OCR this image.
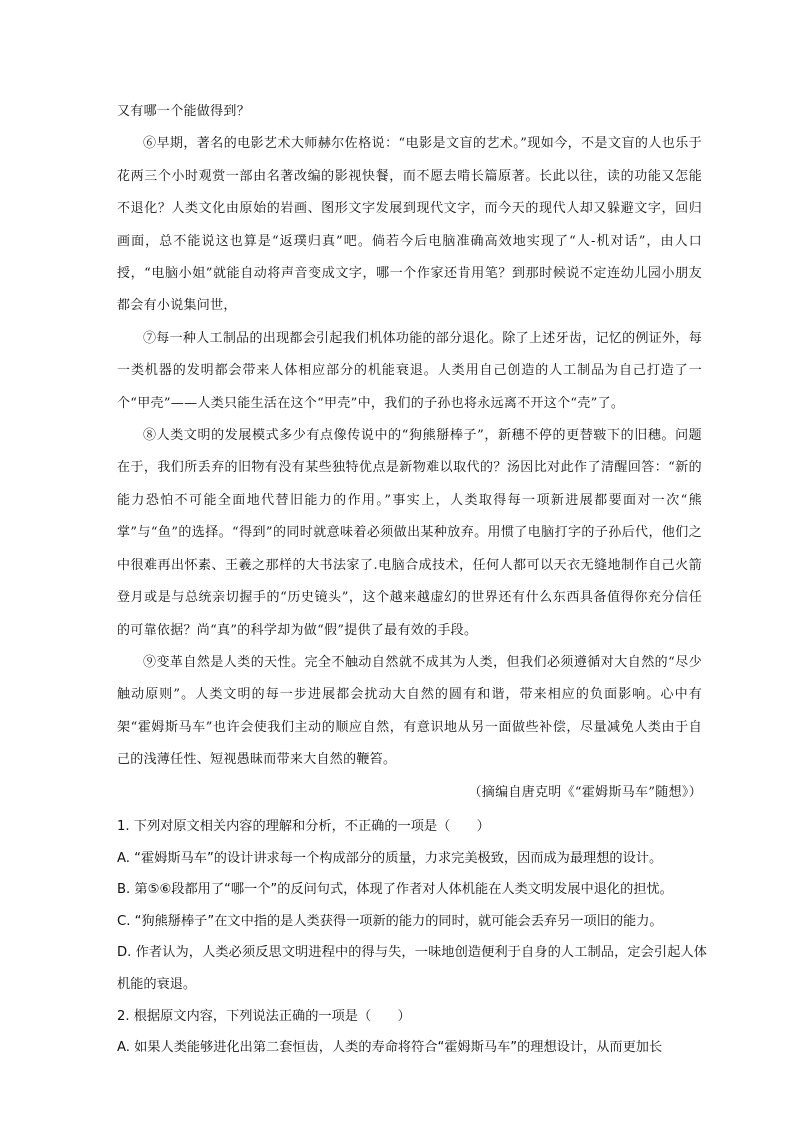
又有哪一个能做得到？

⑥早期，著名的电影艺术大师赫尔佐格说：“电影是文盲的艺术。”现如今，不是文盲的人也乐于花两三个小时观赏一部由名著改编的影视快餐，而不愿去啃长篇原著。长此以往，读的功能又怎能不退化？人类文化由原始的岩画、图形文字发展到现代文字，而今天的现代人却又躲避文字，回归画面，总不能说这也算是“返璞归真”吧。倘若今后电脑准确高效地实现了“人-机对话”，由人口授，“电脑小姐”就能自动将声音变成文字，哪一个作家还肯用笔？到那时候说不定连幼儿园小朋友都会有小说集问世，

⑦每一种人工制品的出现都会引起我们机体功能的部分退化。除了上述牙齿，记忆的例证外，每一类机器的发明都会带来人体相应部分的机能衰退。人类用自己创造的人工制品为自己打造了一个“甲壳”——人类只能生活在这个“甲壳”中，我们的子孙也将永远离不开这个“壳”了。

⑧人类文明的发展模式多少有点像传说中的“狗熊掰棒子”，新穗不停的更替皲下的旧穗。问题在于，我们所丢弃的旧物有没有某些独特优点是新物难以取代的？汤因比对此作了清醒回答：“新的能力恐怕不可能全面地代替旧能力的作用。”事实上，人类取得每一项新进展都要面对一次“熊掌”与“鱼”的选择。“得到”的同时就意味着必须做出某种放弃。用惯了电脑打字的子孙后代，他们之中很难再出怀素、王羲之那样的大书法家了.电脑合成技术，任何人都可以天衣无缝地制作自己火箭登月或是与总统亲切握手的“历史镜头”，这个越来越虚幻的世界还有什么东西具备值得你充分信任的可靠依据？尚“真”的科学却为做“假”提供了最有效的手段。

⑨变革自然是人类的天性。完全不触动自然就不成其为人类，但我们必须遵循对大自然的“尽少触动原则”。人类文明的每一步进展都会扰动大自然的圆有和谐，带来相应的负面影响。心中有架“霍姆斯马车”也许会使我们主动的顺应自然，有意识地从另一面做些补偿，尽量减免人类由于自己的浅薄任性、短视愚昧而带来大自然的鞭笞。

（摘编自唐克明《“霍姆斯马车”随想》）

1. 下列对原文相关内容的理解和分析，不正确的一项是（　　）

A. “霍姆斯马车”的设计讲求每一个构成部分的质量，力求完美极致，因而成为最理想的设计。

B. 第⑤⑥段都用了“哪一个”的反问句式，体现了作者对人体机能在人类文明发展中退化的担忧。

C. “狗熊掰棒子”在文中指的是人类获得一项新的能力的同时，就可能会丢弃另一项旧的能力。

D. 作者认为，人类必须反思文明进程中的得与失，一味地创造便利于自身的人工制品，定会引起人体机能的衰退。

2. 根据原文内容，下列说法正确的一项是（　　）

A. 如果人类能够进化出第二套恒齿，人类的寿命将符合“霍姆斯马车”的理想设计，从而更加长
